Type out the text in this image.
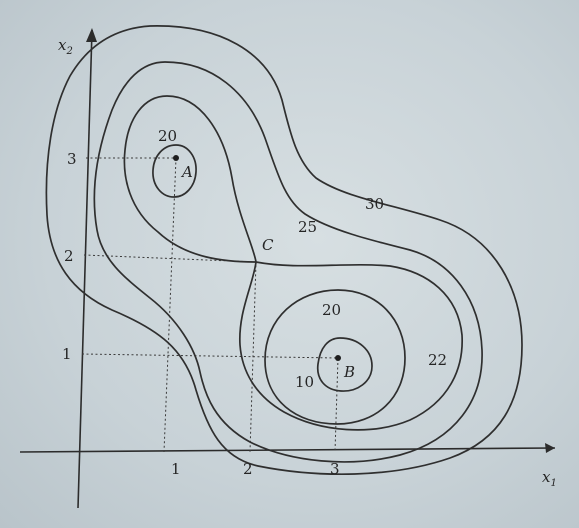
A
B
C
20
10
20
22
25
30
$x_2$
$x_1$
1	2	3
1
2
3
